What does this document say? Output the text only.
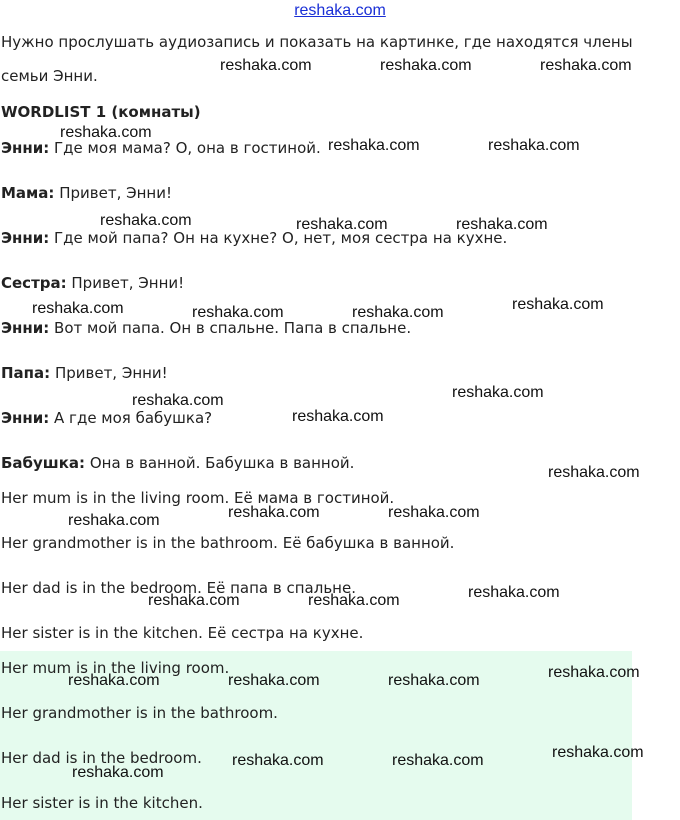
reshaka.com
Нужно прослушать аудиозапись и показать на картинке, где находятся члены
семьи Энни.
WORDLIST 1 (комнаты)
Энни: Где моя мама? О, она в гостиной.
Мама: Привет, Энни!
Энни: Где мой папа? Он на кухне? О, нет, моя сестра на кухне.
Сестра: Привет, Энни!
Энни: Вот мой папа. Он в спальне. Папа в спальне.
Папа: Привет, Энни!
Энни: А где моя бабушка?
Бабушка: Она в ванной. Бабушка в ванной.
Her mum is in the living room. Её мама в гостиной.
Her grandmother is in the bathroom. Её бабушка в ванной.
Her dad is in the bedroom. Её папа в спальне.
Her sister is in the kitchen. Её сестра на кухне.
Her mum is in the living room.
Her grandmother is in the bathroom.
Her dad is in the bedroom.
Her sister is in the kitchen.
reshaka.com	reshaka.com	reshaka.com
reshaka.com
reshaka.com	reshaka.com
reshaka.com	reshaka.com	reshaka.com
reshaka.com	reshaka.com	reshaka.com	reshaka.com
reshaka.com
reshaka.com
reshaka.com
reshaka.com
reshaka.com	reshaka.com	reshaka.com
reshaka.com
reshaka.com	reshaka.com
reshaka.com
reshaka.com	reshaka.com	reshaka.com
reshaka.com
reshaka.com	reshaka.com
reshaka.com
